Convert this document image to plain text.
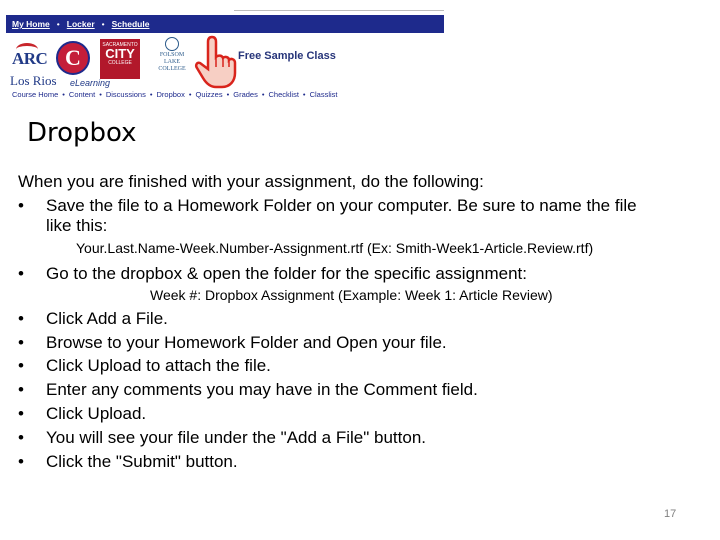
My Home • Locker • Schedule
ARC C	SACRAMENTO
CITY
COLLEGE
FOLSOM
LAKE
COLLEGE
Los Rios eLearning
Free Sample Class
Course Home • Content • Discussions • Dropbox • Quizzes • Grades • Checklist • Classlist
Dropbox
When you are finished with your assignment, do the following:
• Save the file to a Homework Folder on your computer. Be sure to name the file
like this:
Your.Last.Name-Week.Number-Assignment.rtf (Ex: Smith-Week1-Article.Review.rtf)
• Go to the dropbox & open the folder for the specific assignment:
Week #: Dropbox Assignment (Example: Week 1: Article Review)
• Click Add a File.
• Browse to your Homework Folder and Open your file.
• Click Upload to attach the file.
• Enter any comments you may have in the Comment field.
• Click Upload.
• You will see your file under the "Add a File" button.
• Click the "Submit" button.
17
